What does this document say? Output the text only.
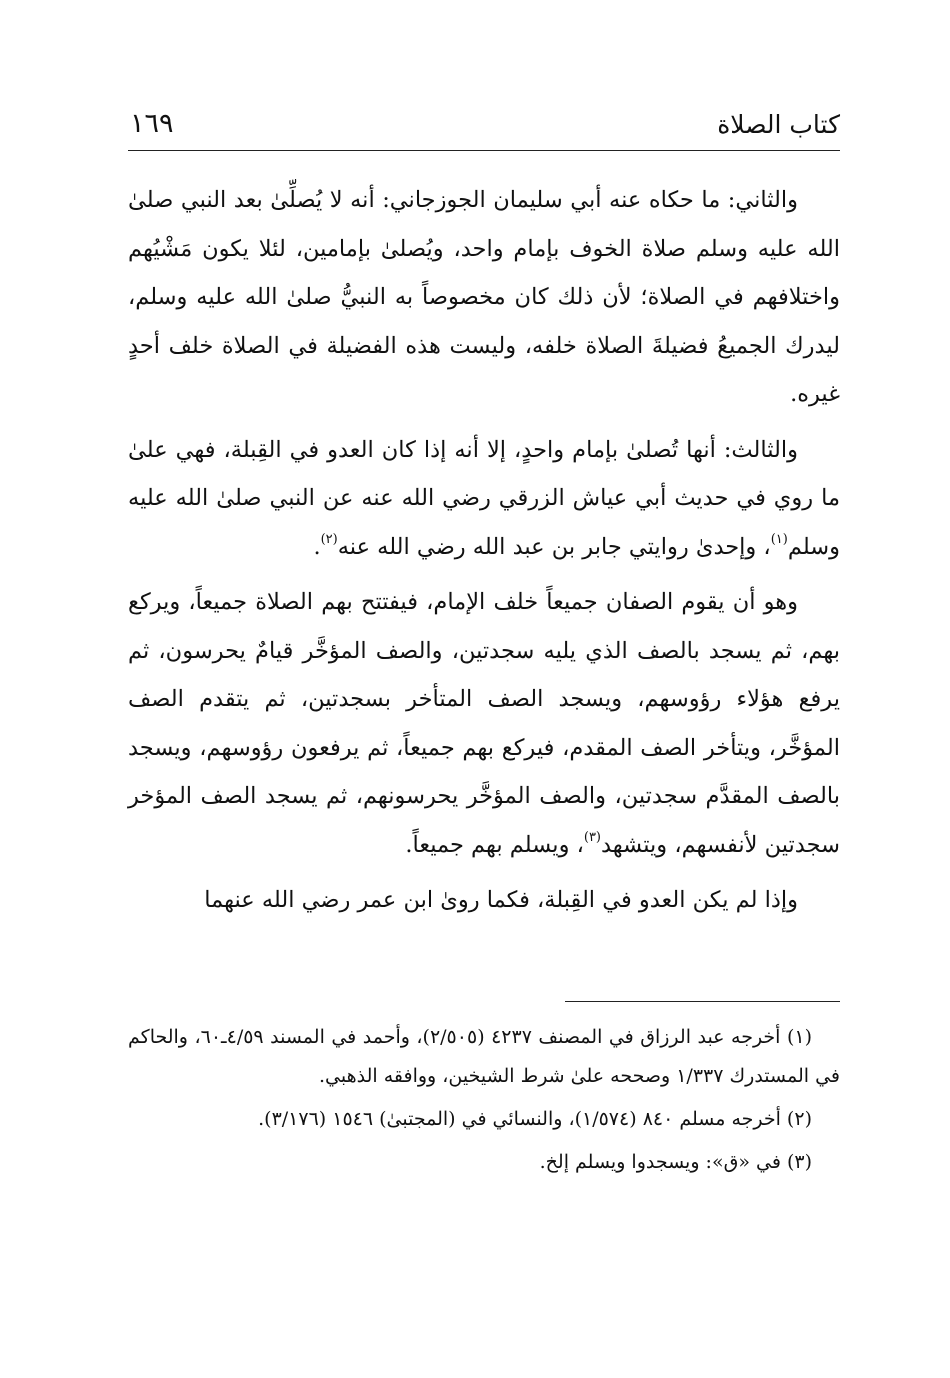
كتاب الصلاة
١٦٩

والثاني: ما حكاه عنه أبي سليمان الجوزجاني: أنه لا يُصلِّىٰ بعد النبي صلىٰ الله عليه وسلم صلاة الخوف بإمام واحد، ويُصلىٰ بإمامين، لئلا يكون مَشْيُهم واختلافهم في الصلاة؛ لأن ذلك كان مخصوصاً به النبيُّ صلىٰ الله عليه وسلم، ليدرك الجميعُ فضيلةَ الصلاة خلفه، وليست هذه الفضيلة في الصلاة خلف أحدٍ غيره.

والثالث: أنها تُصلىٰ بإمام واحدٍ، إلا أنه إذا كان العدو في القِبلة، فهي علىٰ ما روي في حديث أبي عياش الزرقي رضي الله عنه عن النبي صلىٰ الله عليه وسلم$^{(١)}$، وإحدىٰ روايتي جابر بن عبد الله رضي الله عنه$^{(٢)}$.

وهو أن يقوم الصفان جميعاً خلف الإمام، فيفتتح بهم الصلاة جميعاً، ويركع بهم، ثم يسجد بالصف الذي يليه سجدتين، والصف المؤخَّر قيامٌ يحرسون، ثم يرفع هؤلاء رؤوسهم، ويسجد الصف المتأخر بسجدتين، ثم يتقدم الصف المؤخَّر، ويتأخر الصف المقدم، فيركع بهم جميعاً، ثم يرفعون رؤوسهم، ويسجد بالصف المقدَّم سجدتين، والصف المؤخَّر يحرسونهم، ثم يسجد الصف المؤخر سجدتين لأنفسهم، ويتشهد$^{(٣)}$، ويسلم بهم جميعاً.

وإذا لم يكن العدو في القِبلة، فكما روىٰ ابن عمر رضي الله عنهما

(١) أخرجه عبد الرزاق في المصنف ٤٢٣٧ (٢/٥٠٥)، وأحمد في المسند ٤/٥٩ـ٦٠، والحاكم في المستدرك ١/٣٣٧ وصححه علىٰ شرط الشيخين، ووافقه الذهبي.

(٢) أخرجه مسلم ٨٤٠ (١/٥٧٤)، والنسائي في (المجتبىٰ) ١٥٤٦ (٣/١٧٦).

(٣) في «ق»: ويسجدوا ويسلم إلخ.
